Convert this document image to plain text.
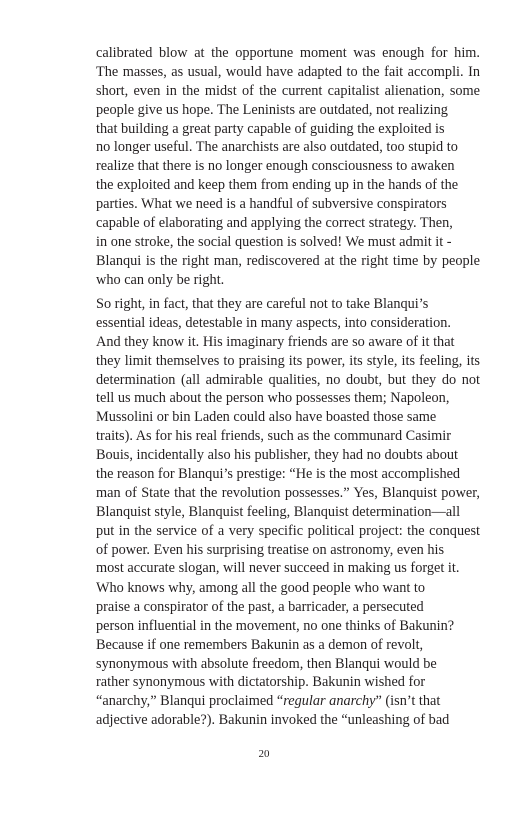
calibrated blow at the opportune moment was enough for him.
The masses, as usual, would have adapted to the fait accompli. In
short, even in the midst of the current capitalist alienation, some
people give us hope. The Leninists are outdated, not realizing
that building a great party capable of guiding the exploited is
no longer useful. The anarchists are also outdated, too stupid to
realize that there is no longer enough consciousness to awaken
the exploited and keep them from ending up in the hands of the
parties. What we need is a handful of subversive conspirators
capable of elaborating and applying the correct strategy. Then,
in one stroke, the social question is solved! We must admit it -
Blanqui is the right man, rediscovered at the right time by people
who can only be right.
So right, in fact, that they are careful not to take Blanqui’s
essential ideas, detestable in many aspects, into consideration.
And they know it. His imaginary friends are so aware of it that
they limit themselves to praising its power, its style, its feeling, its
determination (all admirable qualities, no doubt, but they do not
tell us much about the person who possesses them; Napoleon,
Mussolini or bin Laden could also have boasted those same
traits). As for his real friends, such as the communard Casimir
Bouis, incidentally also his publisher, they had no doubts about
the reason for Blanqui’s prestige: “He is the most accomplished
man of State that the revolution possesses.” Yes, Blanquist power,
Blanquist style, Blanquist feeling, Blanquist determination—all
put in the service of a very specific political project: the conquest
of power. Even his surprising treatise on astronomy, even his
most accurate slogan, will never succeed in making us forget it.
Who knows why, among all the good people who want to
praise a conspirator of the past, a barricader, a persecuted
person influential in the movement, no one thinks of Bakunin?
Because if one remembers Bakunin as a demon of revolt,
synonymous with absolute freedom, then Blanqui would be
rather synonymous with dictatorship. Bakunin wished for
“anarchy,” Blanqui proclaimed “regular anarchy” (isn’t that
adjective adorable?). Bakunin invoked the “unleashing of bad
20
